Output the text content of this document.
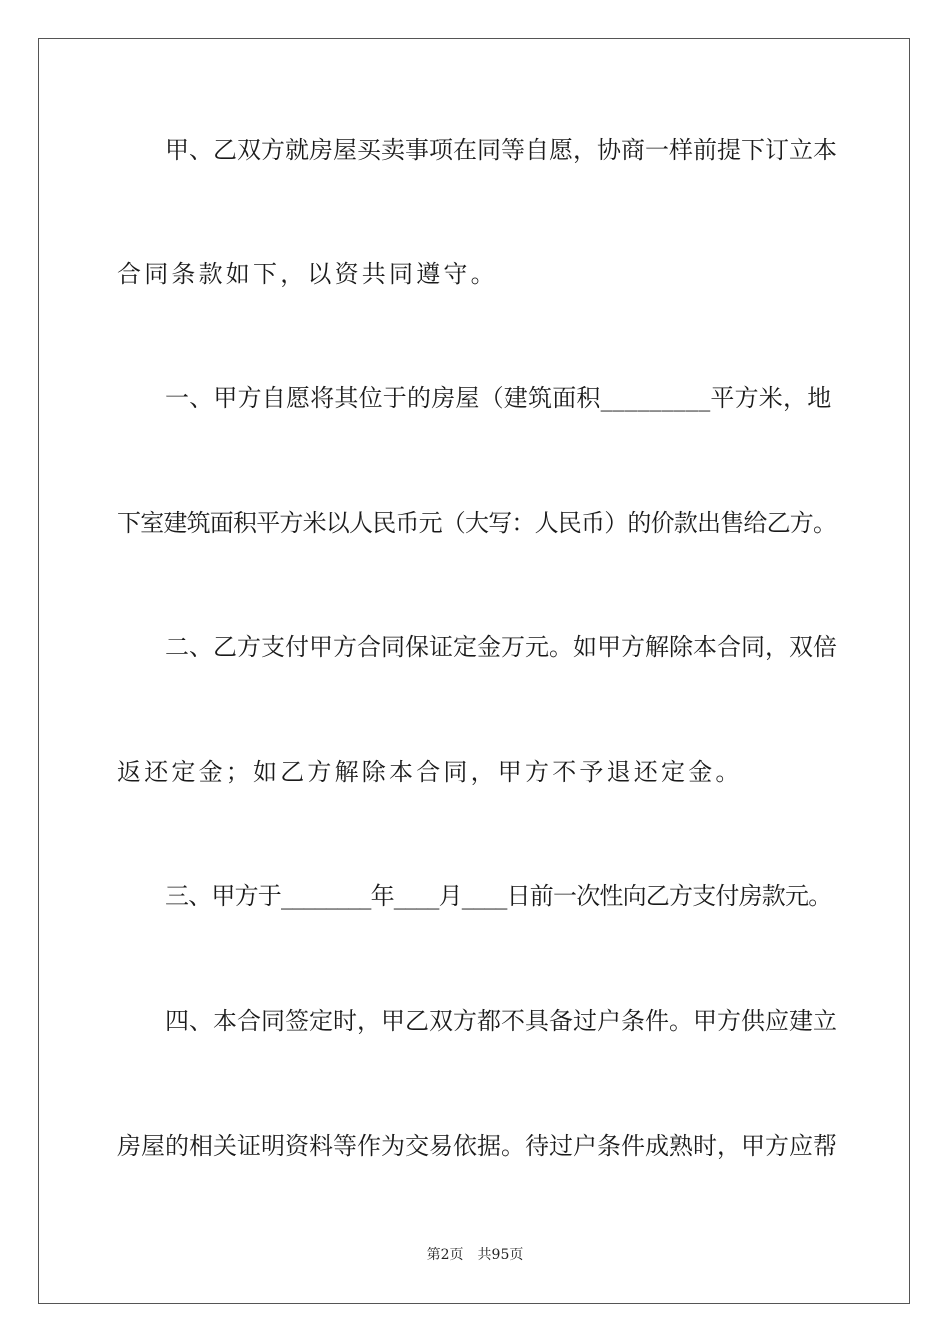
甲、乙双方就房屋买卖事项在同等自愿，协商一样前提下订立本
合同条款如下，以资共同遵守。
一、甲方自愿将其位于的房屋（建筑面积_________平方米，地
下室建筑面积平方米以人民币元（大写：人民币）的价款出售给乙方。
二、乙方支付甲方合同保证定金万元。如甲方解除本合同，双倍
返还定金；如乙方解除本合同，甲方不予退还定金。
三、甲方于________年____月____日前一次性向乙方支付房款元。
四、本合同签定时，甲乙双方都不具备过户条件。甲方供应建立
房屋的相关证明资料等作为交易依据。待过户条件成熟时，甲方应帮
第2页 共95页
